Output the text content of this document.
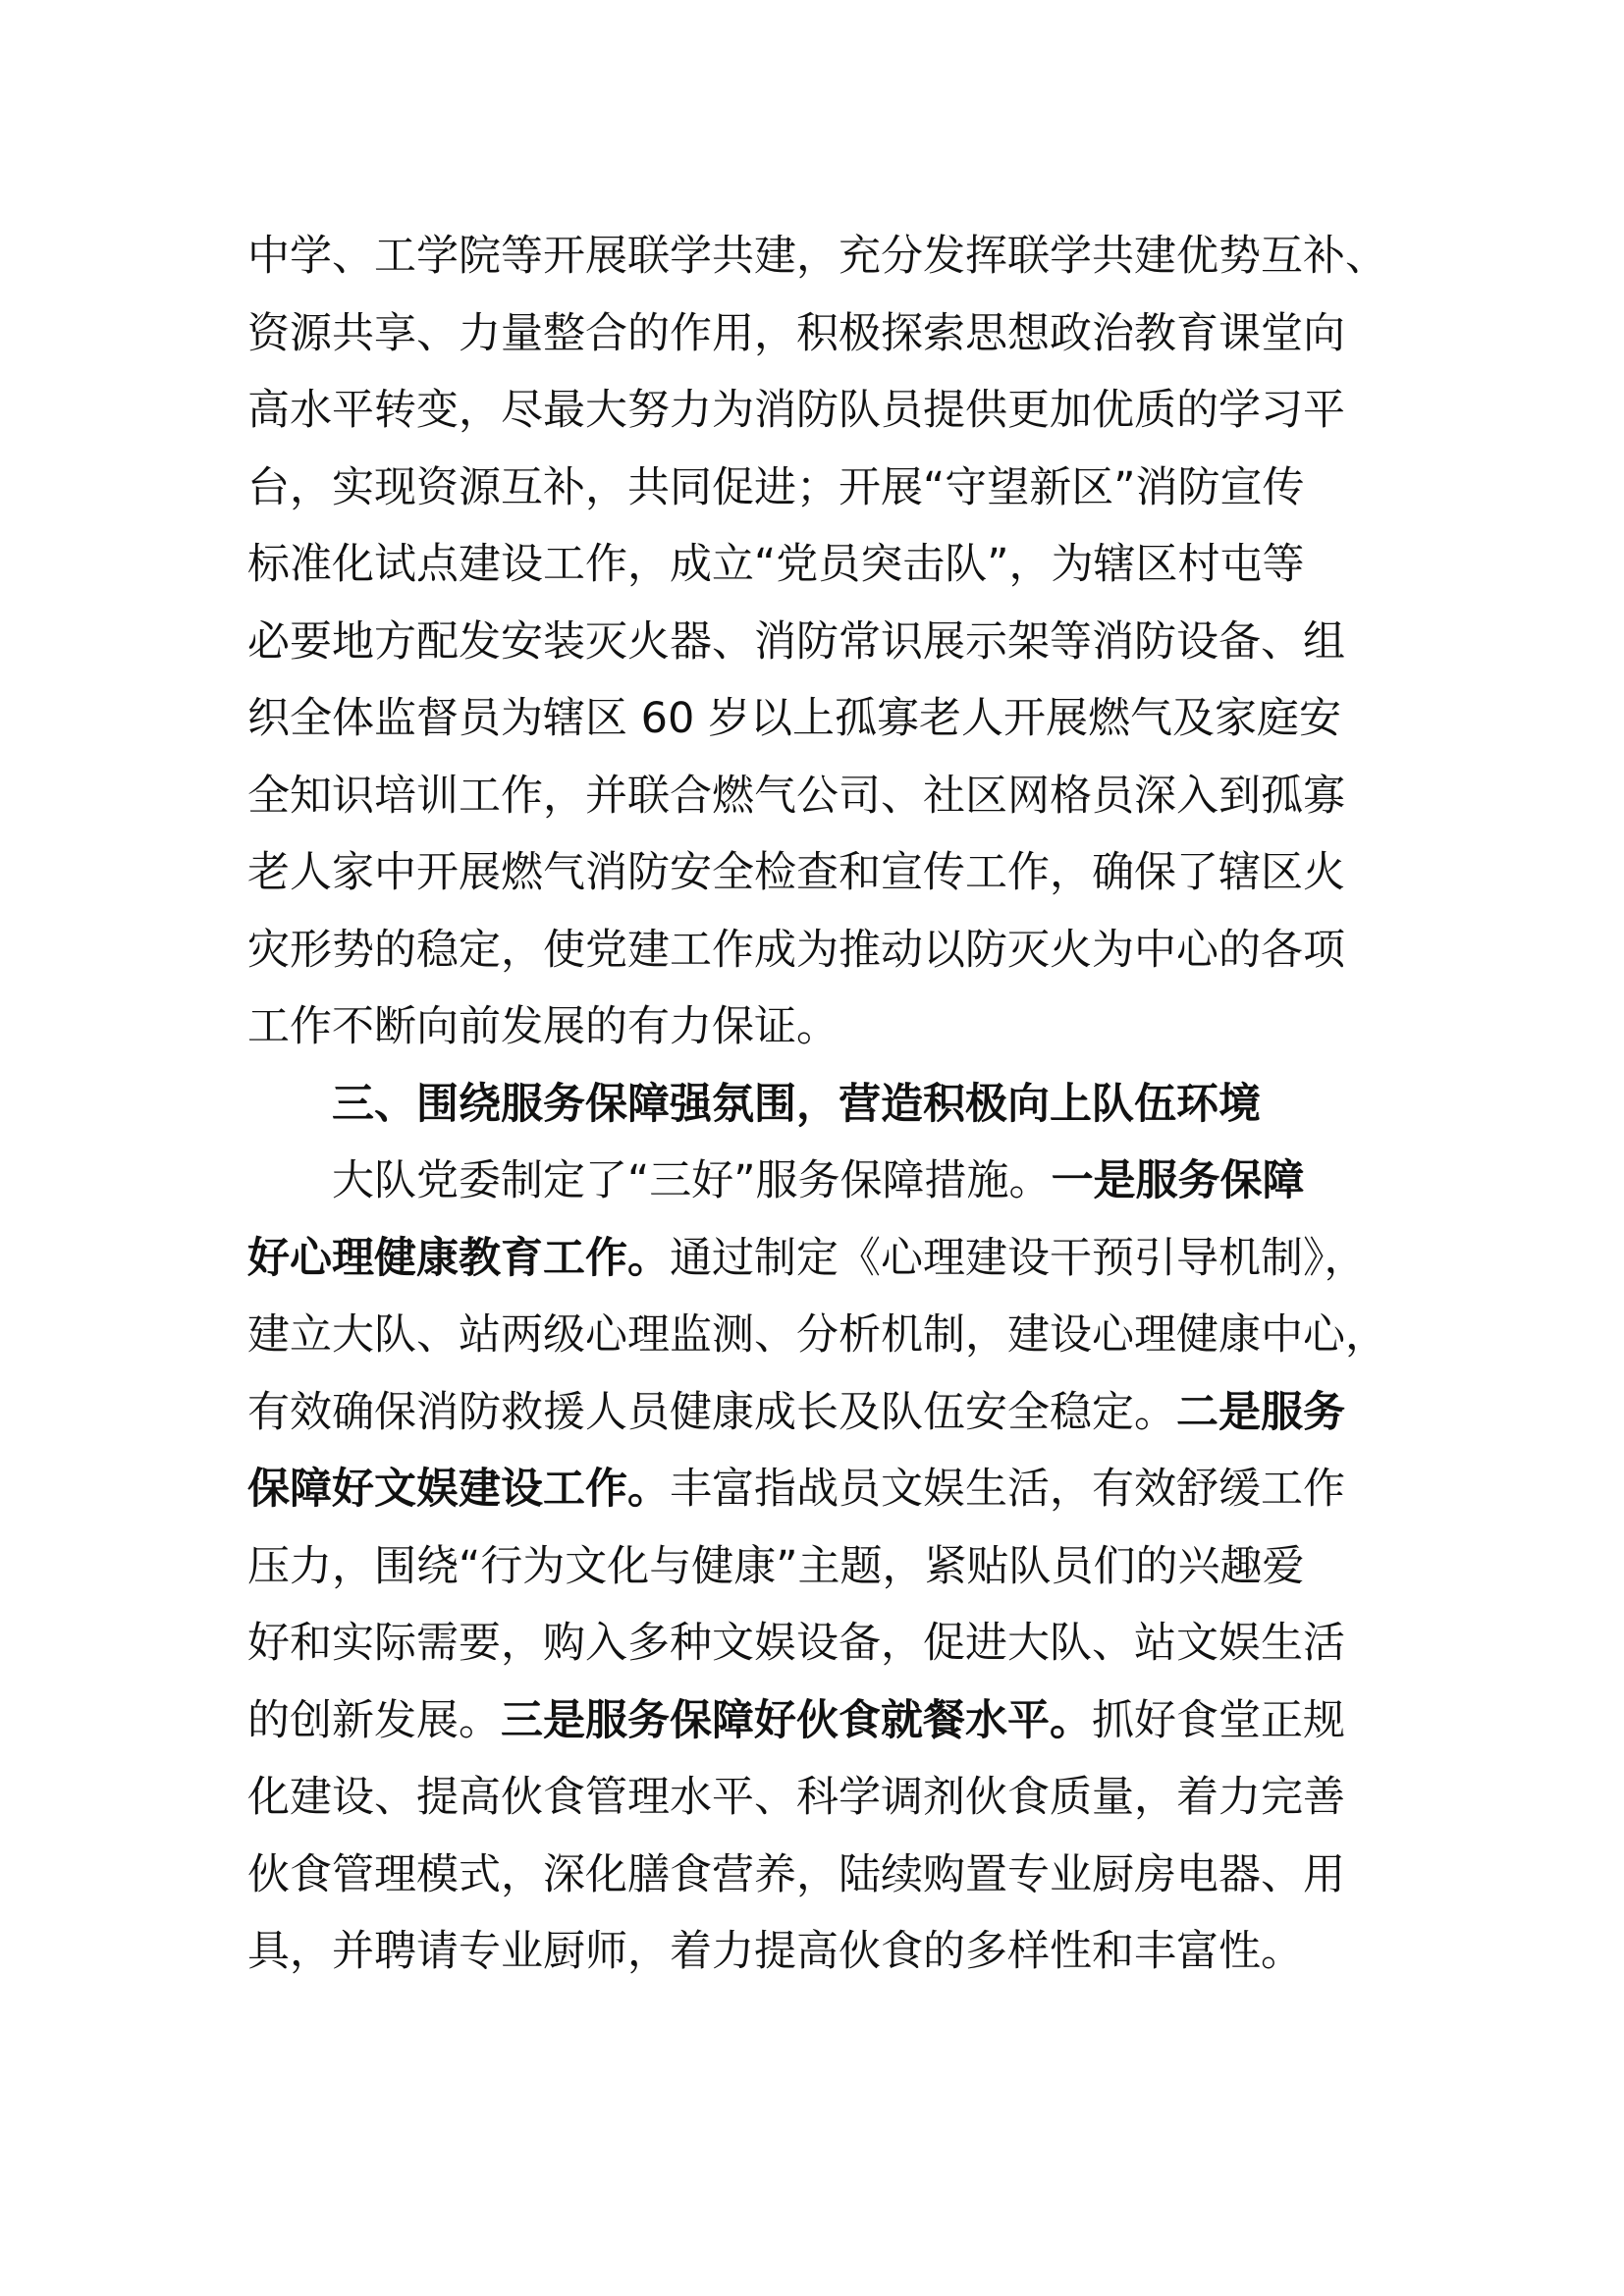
中学、工学院等开展联学共建，充分发挥联学共建优势互补、
资源共享、力量整合的作用，积极探索思想政治教育课堂向
高水平转变，尽最大努力为消防队员提供更加优质的学习平
台，实现资源互补，共同促进；开展“守望新区”消防宣传
标准化试点建设工作，成立“党员突击队”，为辖区村屯等
必要地方配发安装灭火器、消防常识展示架等消防设备、组
织全体监督员为辖区 60 岁以上孤寡老人开展燃气及家庭安
全知识培训工作，并联合燃气公司、社区网格员深入到孤寡
老人家中开展燃气消防安全检查和宣传工作，确保了辖区火
灾形势的稳定，使党建工作成为推动以防灭火为中心的各项
工作不断向前发展的有力保证。
三、围绕服务保障强氛围，营造积极向上队伍环境
大队党委制定了“三好”服务保障措施。一是服务保障
好心理健康教育工作。通过制定《心理建设干预引导机制》，
建立大队、站两级心理监测、分析机制，建设心理健康中心，
有效确保消防救援人员健康成长及队伍安全稳定。二是服务
保障好文娱建设工作。丰富指战员文娱生活，有效舒缓工作
压力，围绕“行为文化与健康”主题，紧贴队员们的兴趣爱
好和实际需要，购入多种文娱设备，促进大队、站文娱生活
的创新发展。三是服务保障好伙食就餐水平。抓好食堂正规
化建设、提高伙食管理水平、科学调剂伙食质量，着力完善
伙食管理模式，深化膳食营养，陆续购置专业厨房电器、用
具，并聘请专业厨师，着力提高伙食的多样性和丰富性。
